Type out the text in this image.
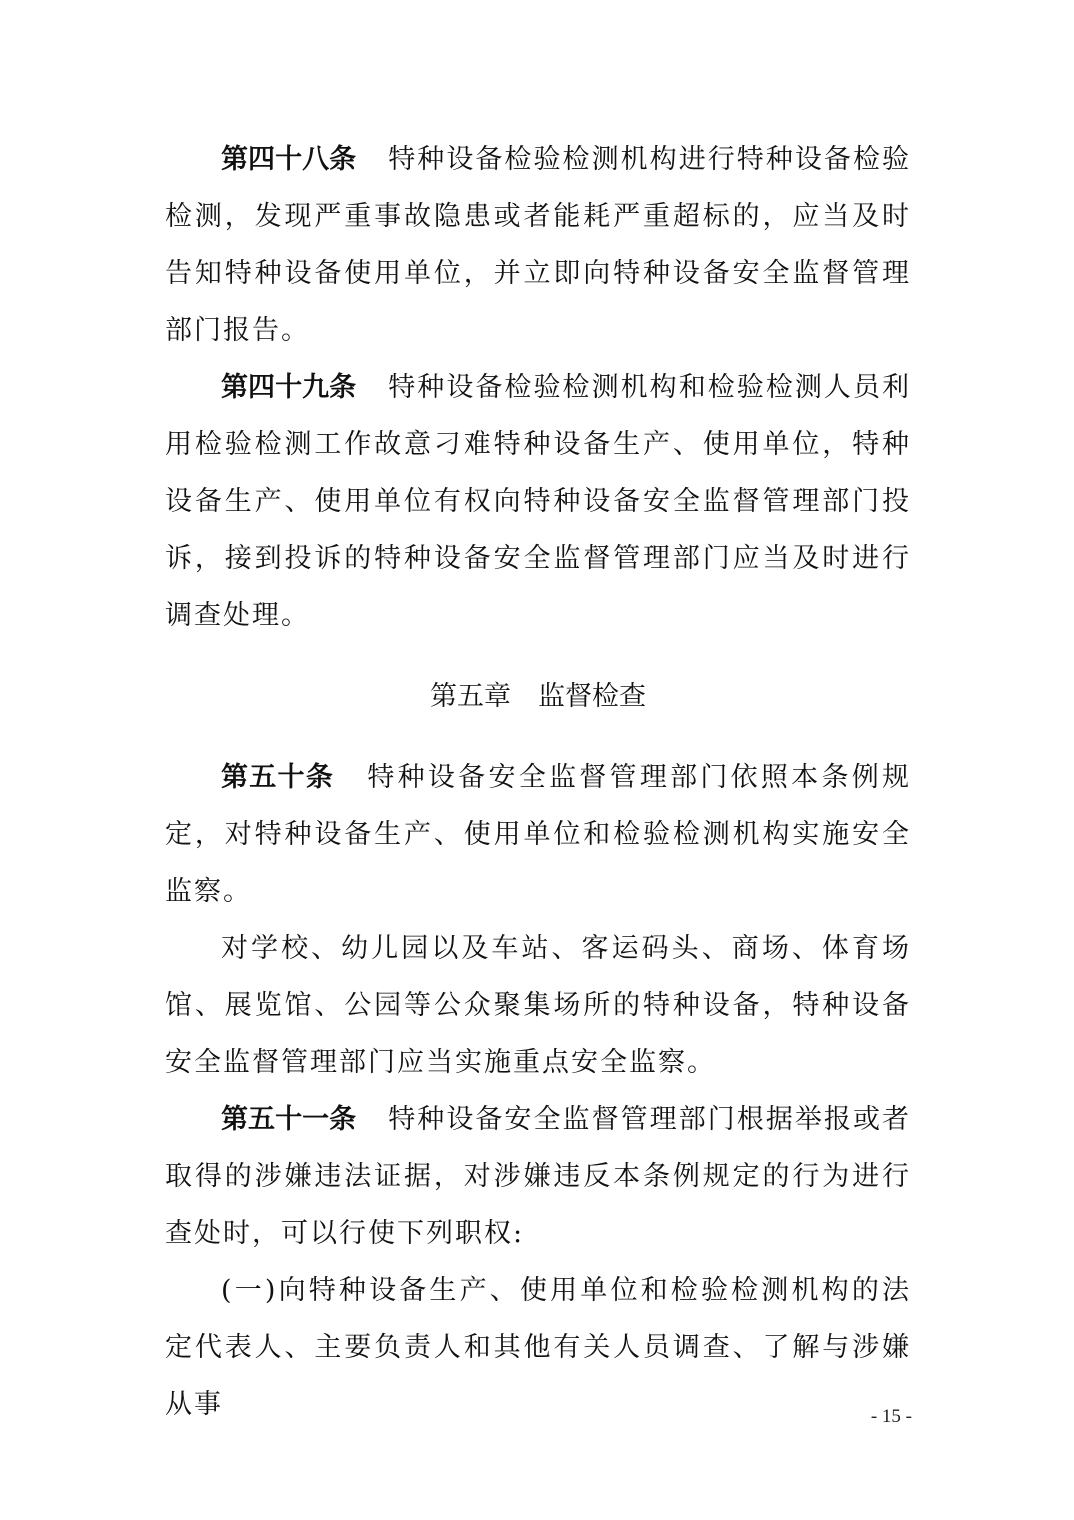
第四十八条 特种设备检验检测机构进行特种设备检验检测，发现严重事故隐患或者能耗严重超标的，应当及时告知特种设备使用单位，并立即向特种设备安全监督管理部门报告。

第四十九条 特种设备检验检测机构和检验检测人员利用检验检测工作故意刁难特种设备生产、使用单位，特种设备生产、使用单位有权向特种设备安全监督管理部门投诉，接到投诉的特种设备安全监督管理部门应当及时进行调查处理。

第五章 监督检查

第五十条 特种设备安全监督管理部门依照本条例规定，对特种设备生产、使用单位和检验检测机构实施安全监察。

对学校、幼儿园以及车站、客运码头、商场、体育场馆、展览馆、公园等公众聚集场所的特种设备，特种设备安全监督管理部门应当实施重点安全监察。

第五十一条 特种设备安全监督管理部门根据举报或者取得的涉嫌违法证据，对涉嫌违反本条例规定的行为进行查处时，可以行使下列职权:

(一)向特种设备生产、使用单位和检验检测机构的法定代表人、主要负责人和其他有关人员调查、了解与涉嫌从事	- 15 -
